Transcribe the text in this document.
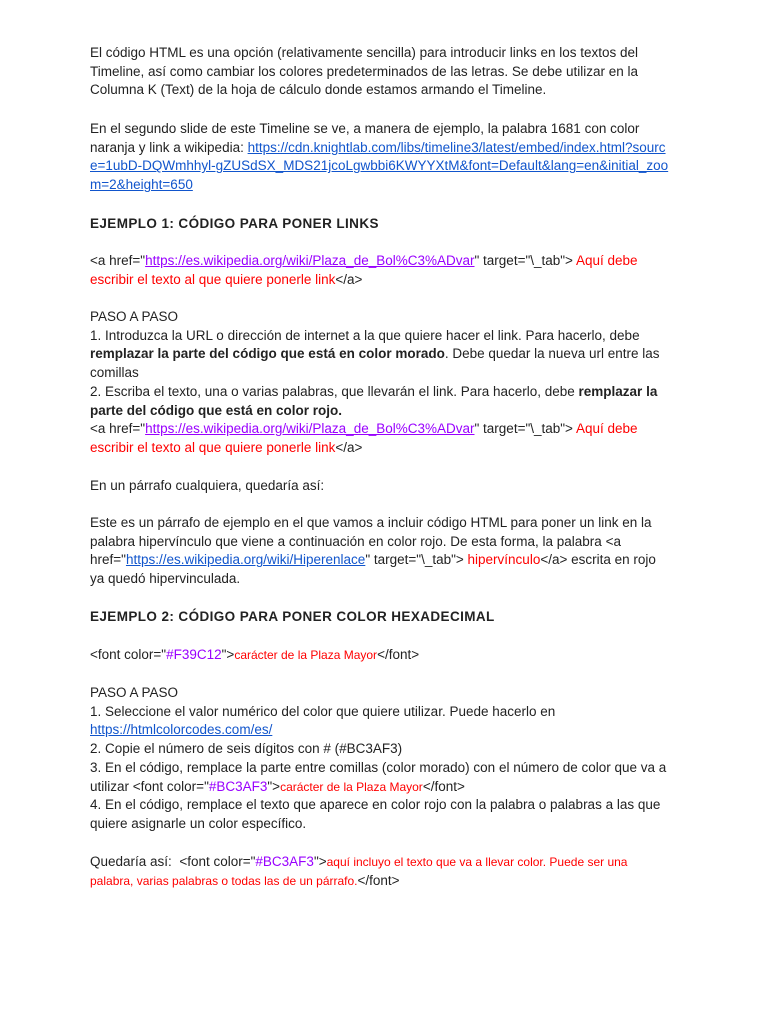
El código HTML es una opción (relativamente sencilla) para introducir links en los textos del Timeline, así como cambiar los colores predeterminados de las letras. Se debe utilizar en la Columna K (Text) de la hoja de cálculo donde estamos armando el Timeline.

En el segundo slide de este Timeline se ve, a manera de ejemplo, la palabra 1681 con color naranja y link a wikipedia: https://cdn.knightlab.com/libs/timeline3/latest/embed/index.html?source=1ubD-DQWmhhyl-gZUSdSX_MDS21jcoLgwbbi6KWYYXtM&font=Default&lang=en&initial_zoom=2&height=650

EJEMPLO 1: CÓDIGO PARA PONER LINKS

<a href="https://es.wikipedia.org/wiki/Plaza_de_Bol%C3%ADvar" target="\_tab"> Aquí debe escribir el texto al que quiere ponerle link</a>

PASO A PASO
1. Introduzca la URL o dirección de internet a la que quiere hacer el link. Para hacerlo, debe remplazar la parte del código que está en color morado. Debe quedar la nueva url entre las comillas
2. Escriba el texto, una o varias palabras, que llevarán el link. Para hacerlo, debe remplazar la parte del código que está en color rojo.
<a href="https://es.wikipedia.org/wiki/Plaza_de_Bol%C3%ADvar" target="\_tab"> Aquí debe escribir el texto al que quiere ponerle link</a>

En un párrafo cualquiera, quedaría así:

Este es un párrafo de ejemplo en el que vamos a incluir código HTML para poner un link en la palabra hipervínculo que viene a continuación en color rojo. De esta forma, la palabra <a href="https://es.wikipedia.org/wiki/Hiperenlace" target="\_tab"> hipervínculo</a> escrita en rojo ya quedó hipervinculada.

EJEMPLO 2: CÓDIGO PARA PONER COLOR HEXADECIMAL

<font color="#F39C12">carácter de la Plaza Mayor</font>

PASO A PASO
1. Seleccione el valor numérico del color que quiere utilizar. Puede hacerlo en https://htmlcolorcodes.com/es/
2. Copie el número de seis dígitos con # (#BC3AF3)
3. En el código, remplace la parte entre comillas (color morado) con el número de color que va a utilizar <font color="#BC3AF3">carácter de la Plaza Mayor</font>
4. En el código, remplace el texto que aparece en color rojo con la palabra o palabras a las que quiere asignarle un color específico.

Quedaría así:  <font color="#BC3AF3">aquí incluyo el texto que va a llevar color. Puede ser una palabra, varias palabras o todas las de un párrafo.</font>
